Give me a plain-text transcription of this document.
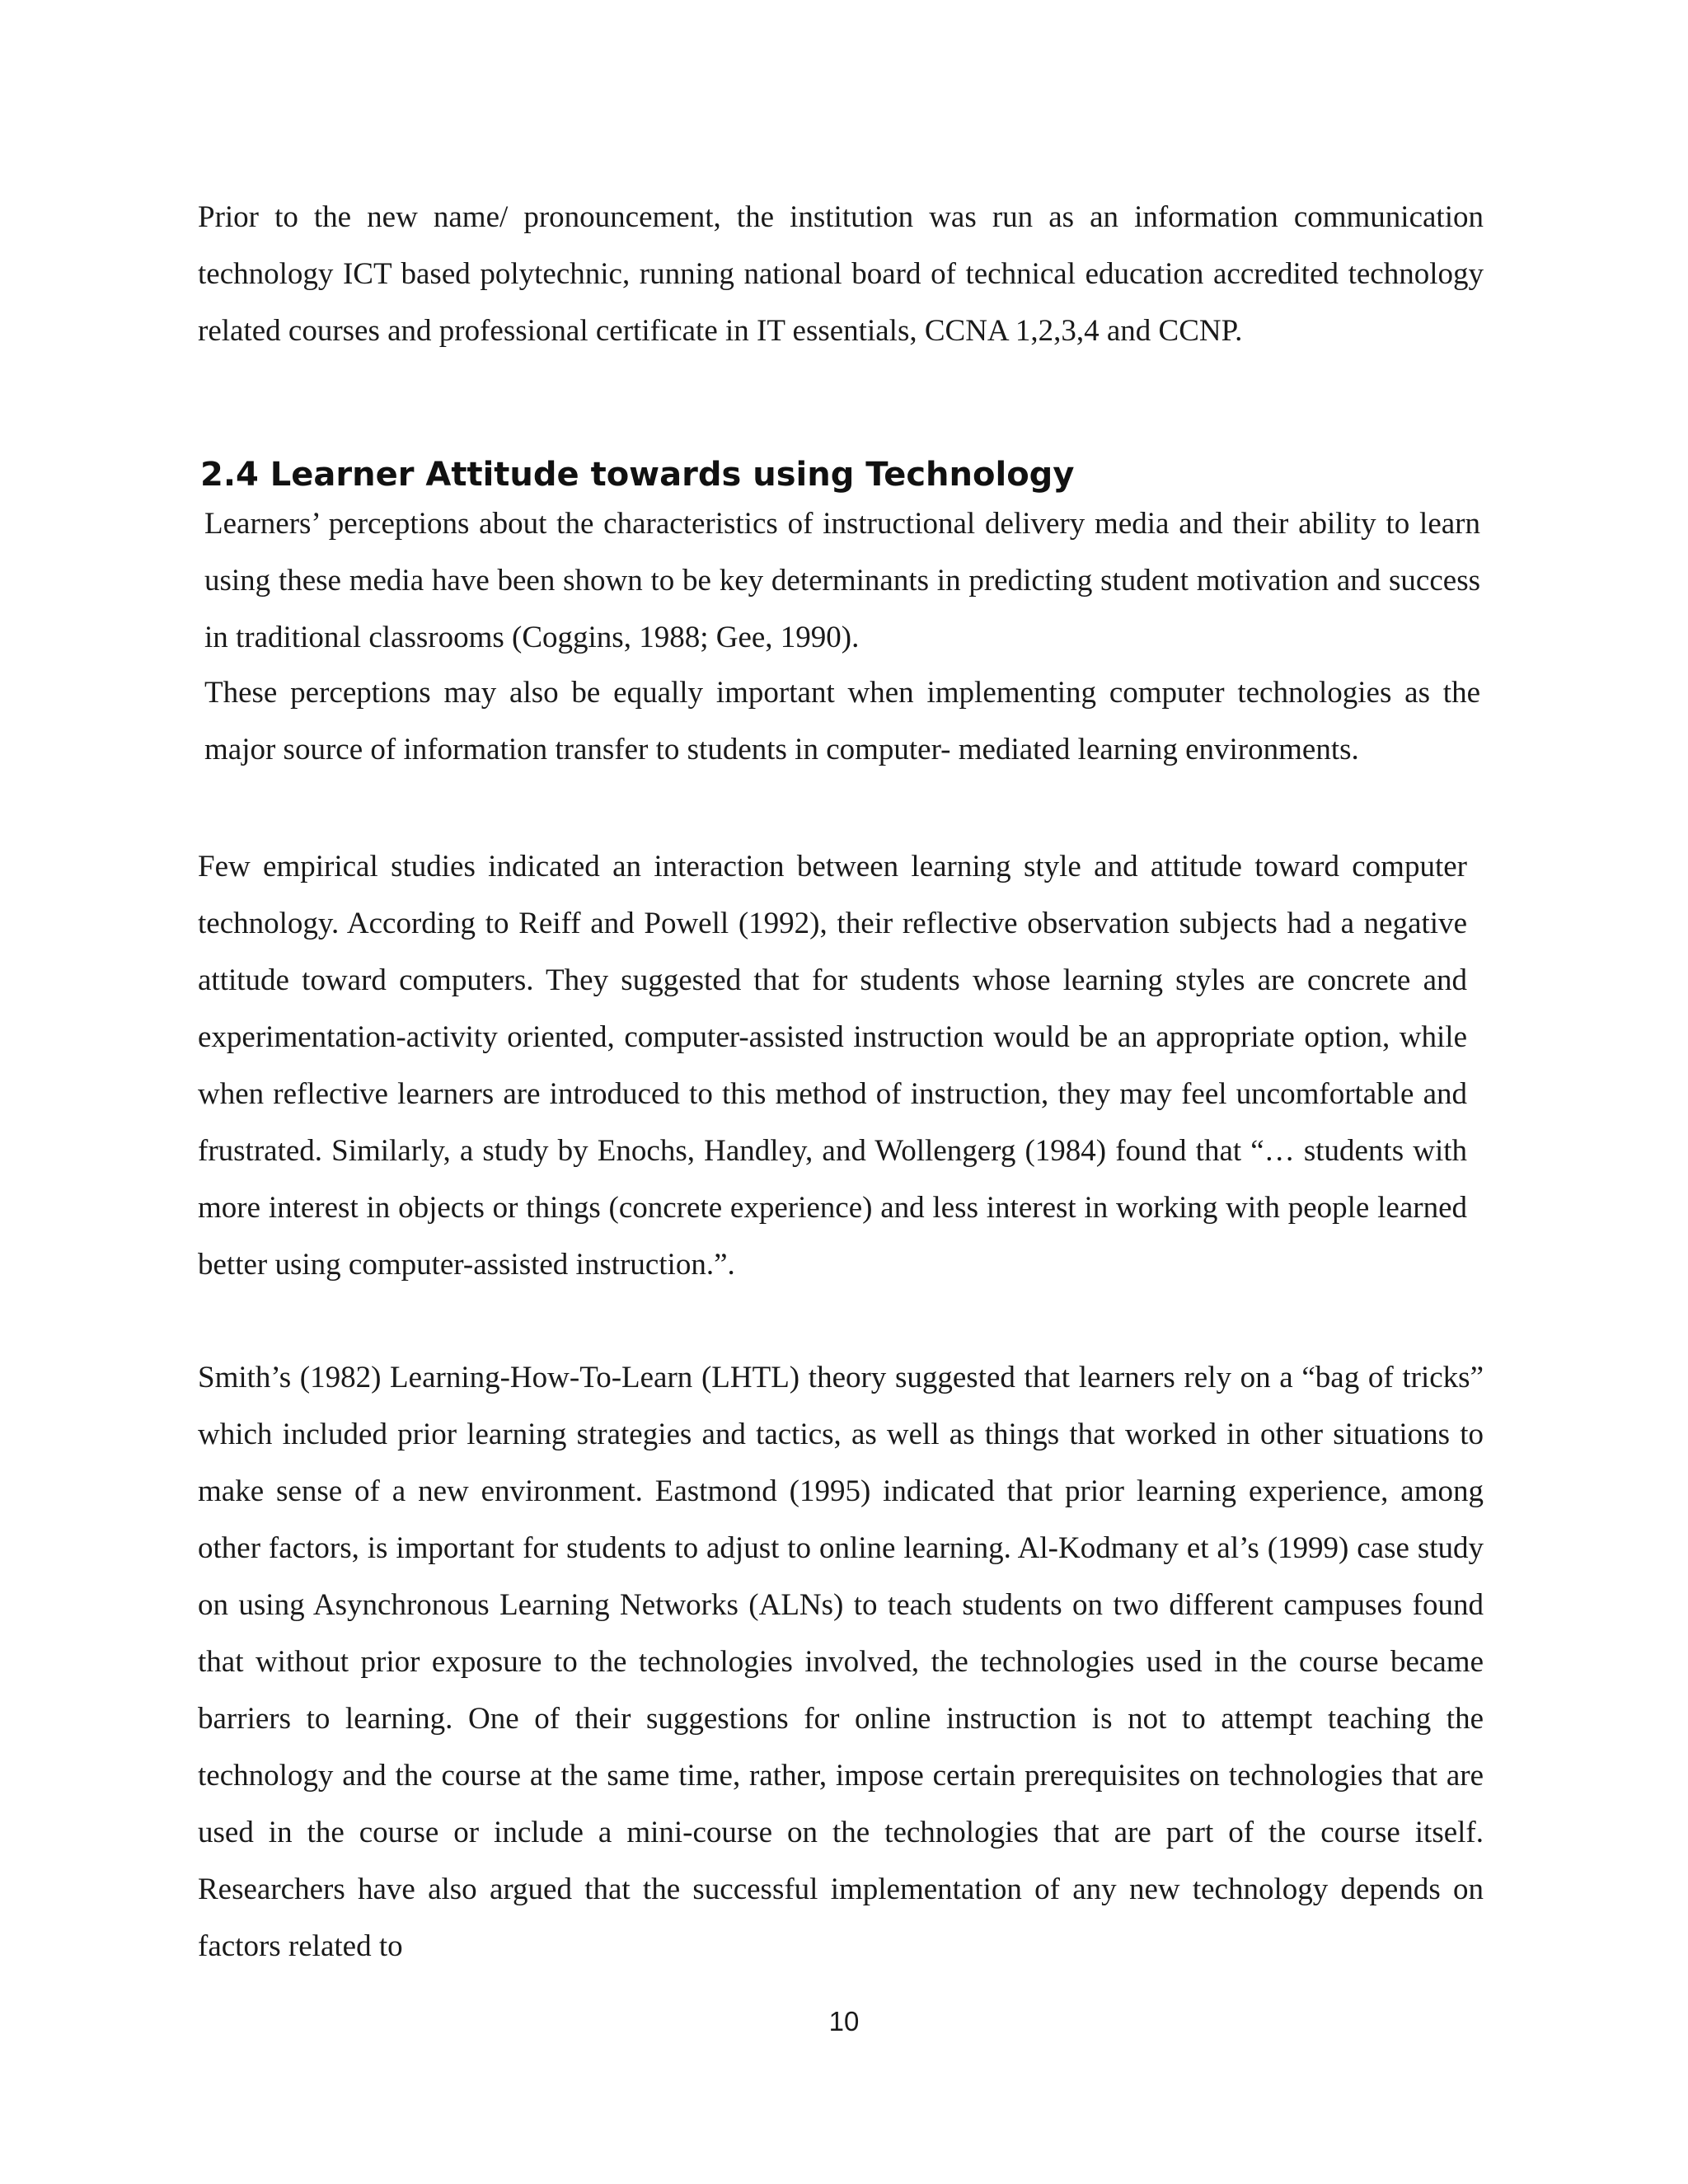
Prior to the new name/ pronouncement, the institution was run as an information communication technology ICT based polytechnic, running national board of technical education accredited technology related courses and professional certificate in IT essentials, CCNA 1,2,3,4 and CCNP.

2.4 Learner Attitude towards using Technology

Learners’ perceptions about the characteristics of instructional delivery media and their ability to learn using these media have been shown to be key determinants in predicting student motivation and success in traditional classrooms (Coggins, 1988; Gee, 1990).

These perceptions may also be equally important when implementing computer technologies as the major source of information transfer to students in computer- mediated learning environments.

Few empirical studies indicated an interaction between learning style and attitude toward computer technology. According to Reiff and Powell (1992), their reflective observation subjects had a negative attitude toward computers. They suggested that for students whose learning styles are concrete and experimentation-activity oriented, computer-assisted instruction would be an appropriate option, while when reflective learners are introduced to this method of instruction, they may feel uncomfortable and frustrated. Similarly, a study by Enochs, Handley, and Wollengerg (1984) found that “… students with more interest in objects or things (concrete experience) and less interest in working with people learned better using computer-assisted instruction.”.

Smith’s (1982) Learning-How-To-Learn (LHTL) theory suggested that learners rely on a “bag of tricks” which included prior learning strategies and tactics, as well as things that worked in other situations to make sense of a new environment. Eastmond (1995) indicated that prior learning experience, among other factors, is important for students to adjust to online learning. Al-Kodmany et al’s (1999) case study on using Asynchronous Learning Networks (ALNs) to teach students on two different campuses found that without prior exposure to the technologies involved, the technologies used in the course became barriers to learning. One of their suggestions for online instruction is not to attempt teaching the technology and the course at the same time, rather, impose certain prerequisites on technologies that are used in the course or include a mini-course on the technologies that are part of the course itself. Researchers have also argued that the successful implementation of any new technology depends on factors related to

10
